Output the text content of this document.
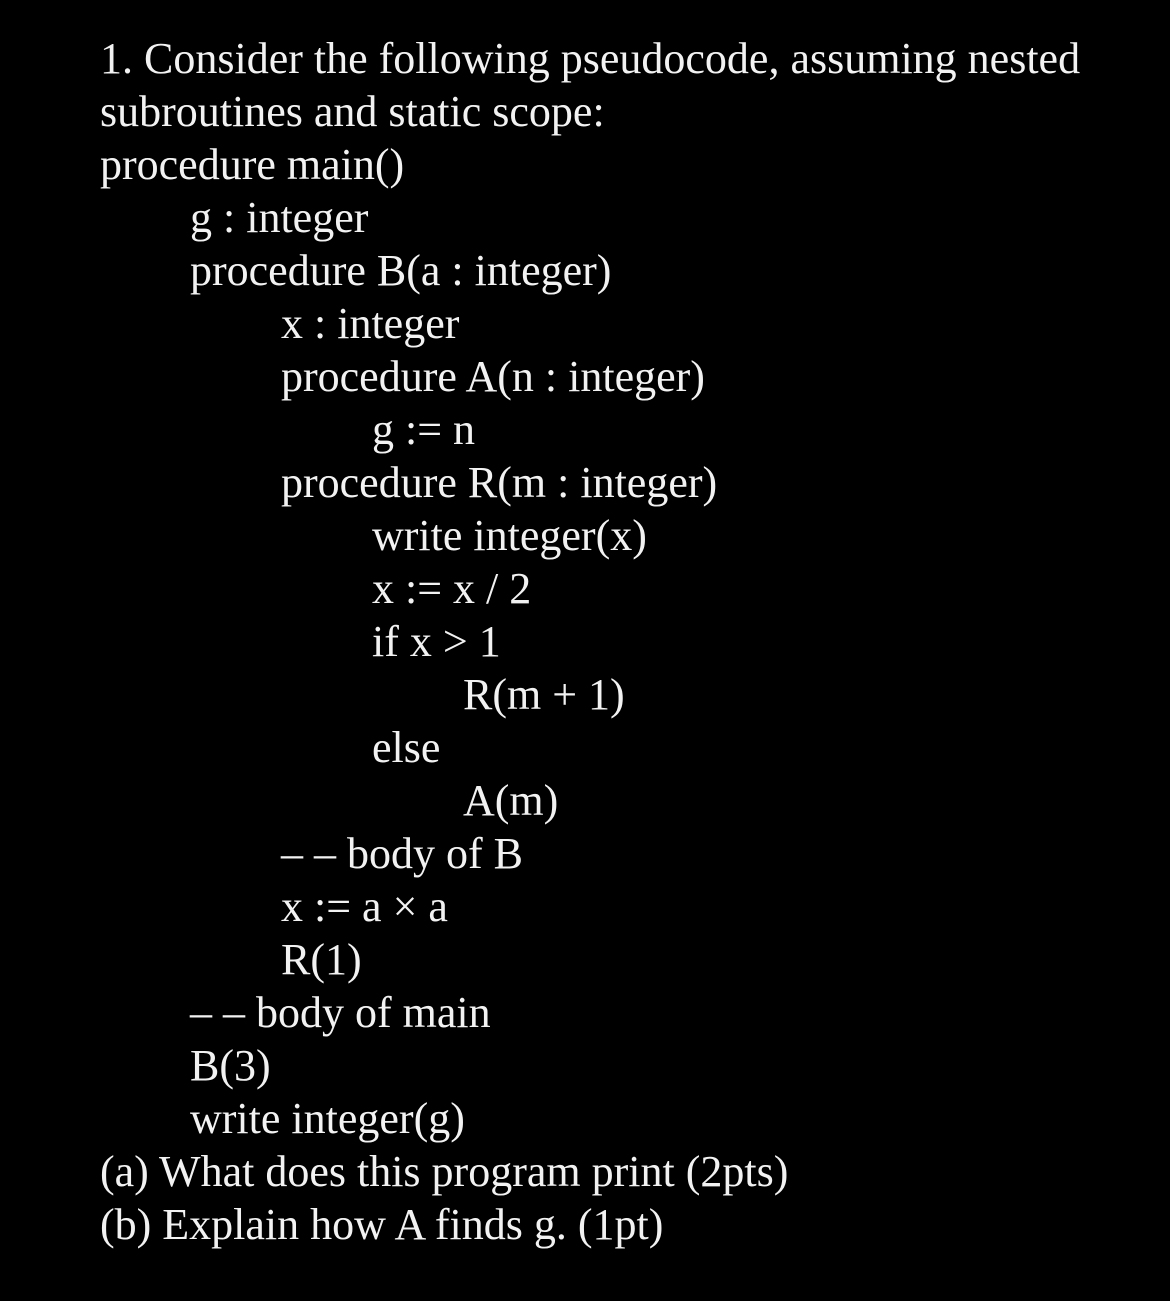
1. Consider the following pseudocode, assuming nested
subroutines and static scope:
procedure main()
g : integer
procedure B(a : integer)
x : integer
procedure A(n : integer)
g := n
procedure R(m : integer)
write integer(x)
x := x / 2
if x > 1
R(m + 1)
else
A(m)
– – body of B
x := a × a
R(1)
– – body of main
B(3)
write integer(g)
(a) What does this program print (2pts)
(b) Explain how A finds g. (1pt)
